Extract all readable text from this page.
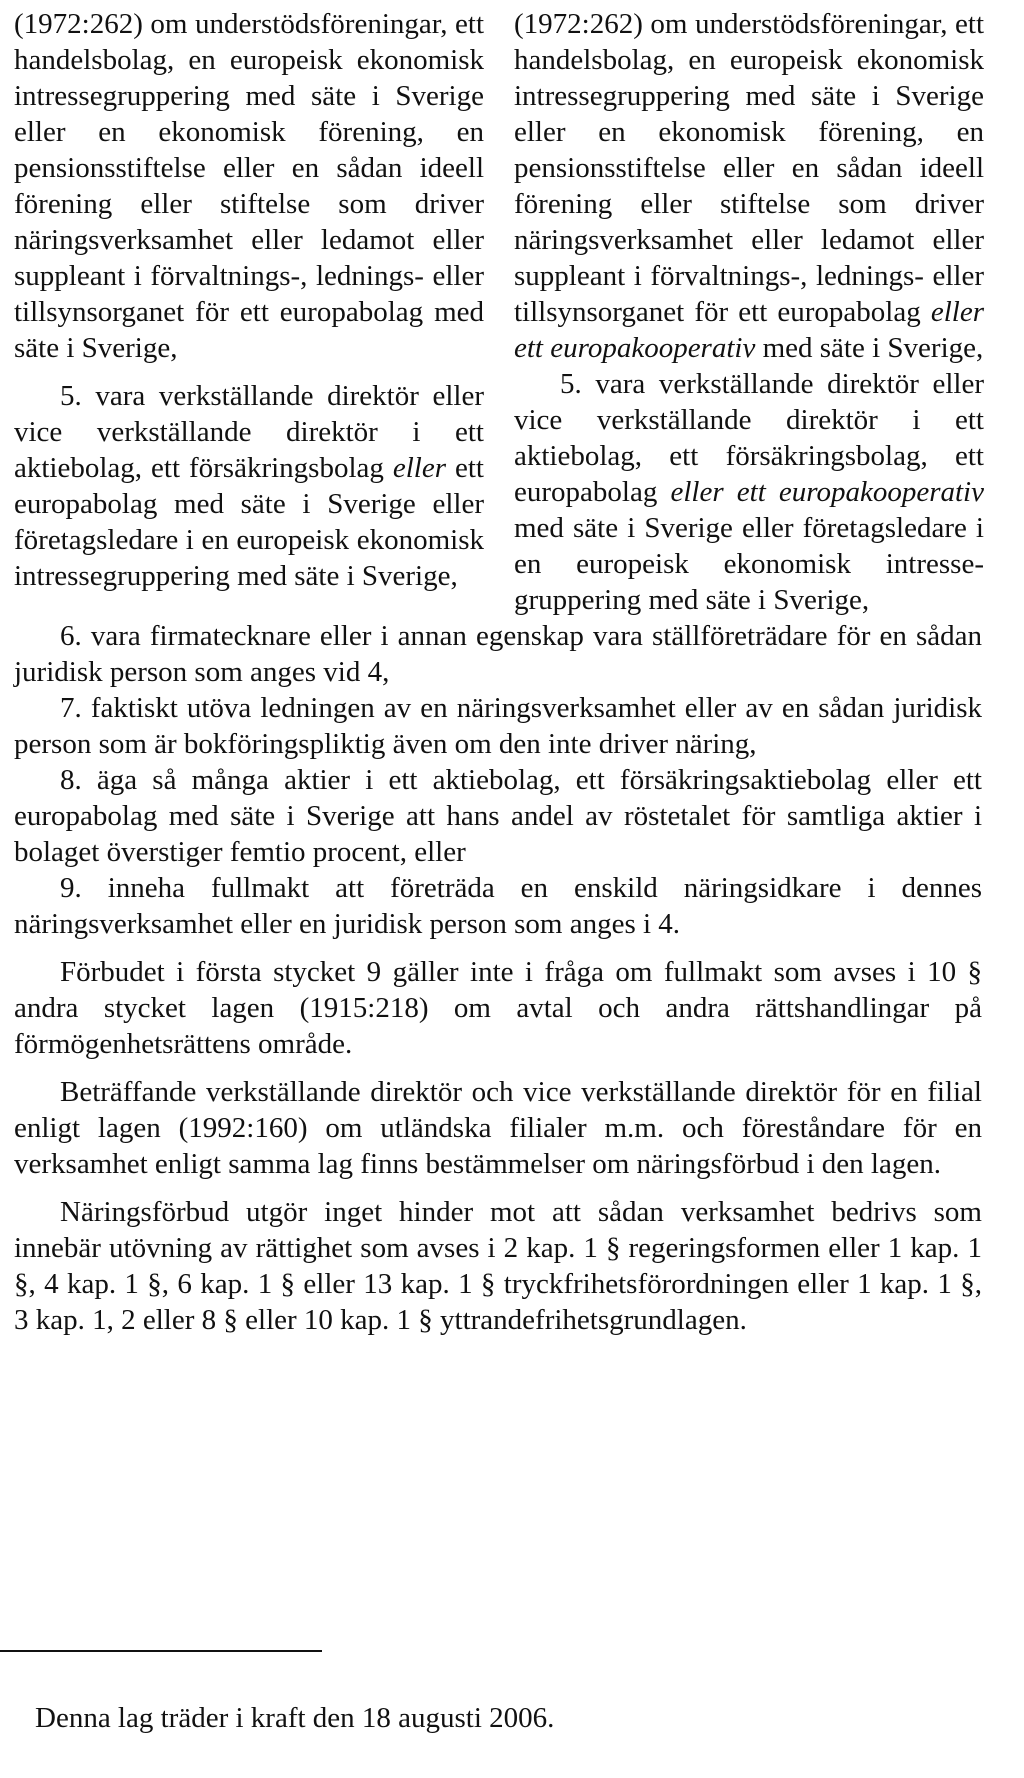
(1972:262) om understödsföreningar, ett handelsbolag, en europeisk ekonomisk intressegruppering med säte i Sverige eller en ekonomisk förening, en pensionsstiftelse eller en sådan ideell förening eller stiftelse som driver näringsverksamhet eller ledamot eller suppleant i förvaltnings-, lednings- eller tillsynsorganet för ett europabolag med säte i Sverige,

5. vara verkställande direktör eller vice verkställande direktör i ett aktiebolag, ett försäkringsbolag eller ett europabolag med säte i Sverige eller företagsledare i en europeisk ekonomisk intressegruppering med säte i Sverige,

(1972:262) om understödsföreningar, ett handelsbolag, en europeisk ekonomisk intressegruppering med säte i Sverige eller en ekonomisk förening, en pensionsstiftelse eller en sådan ideell förening eller stiftelse som driver näringsverksamhet eller ledamot eller suppleant i förvaltnings-, lednings- eller tillsynsorganet för ett europabolag eller ett europakooperativ med säte i Sverige,

5. vara verkställande direktör eller vice verkställande direktör i ett aktiebolag, ett försäkringsbolag, ett europabolag eller ett europakooperativ med säte i Sverige eller företagsledare i en europeisk ekonomisk intressegruppering med säte i Sverige,

6. vara firmatecknare eller i annan egenskap vara ställföreträdare för en sådan juridisk person som anges vid 4,

7. faktiskt utöva ledningen av en näringsverksamhet eller av en sådan juridisk person som är bokföringspliktig även om den inte driver näring,

8. äga så många aktier i ett aktiebolag, ett försäkringsaktiebolag eller ett europabolag med säte i Sverige att hans andel av röstetalet för samtliga aktier i bolaget överstiger femtio procent, eller

9. inneha fullmakt att företräda en enskild näringsidkare i dennes näringsverksamhet eller en juridisk person som anges i 4.

Förbudet i första stycket 9 gäller inte i fråga om fullmakt som avses i 10 § andra stycket lagen (1915:218) om avtal och andra rättshandlingar på förmögenhetsrättens område.

Beträffande verkställande direktör och vice verkställande direktör för en filial enligt lagen (1992:160) om utländska filialer m.m. och föreståndare för en verksamhet enligt samma lag finns bestämmelser om näringsförbud i den lagen.

Näringsförbud utgör inget hinder mot att sådan verksamhet bedrivs som innebär utövning av rättighet som avses i 2 kap. 1 § regeringsformen eller 1 kap. 1 §, 4 kap. 1 §, 6 kap. 1 § eller 13 kap. 1 § tryckfrihetsförordningen eller 1 kap. 1 §, 3 kap. 1, 2 eller 8 § eller 10 kap. 1 § yttrandefrihetsgrundlagen.

Denna lag träder i kraft den 18 augusti 2006.
